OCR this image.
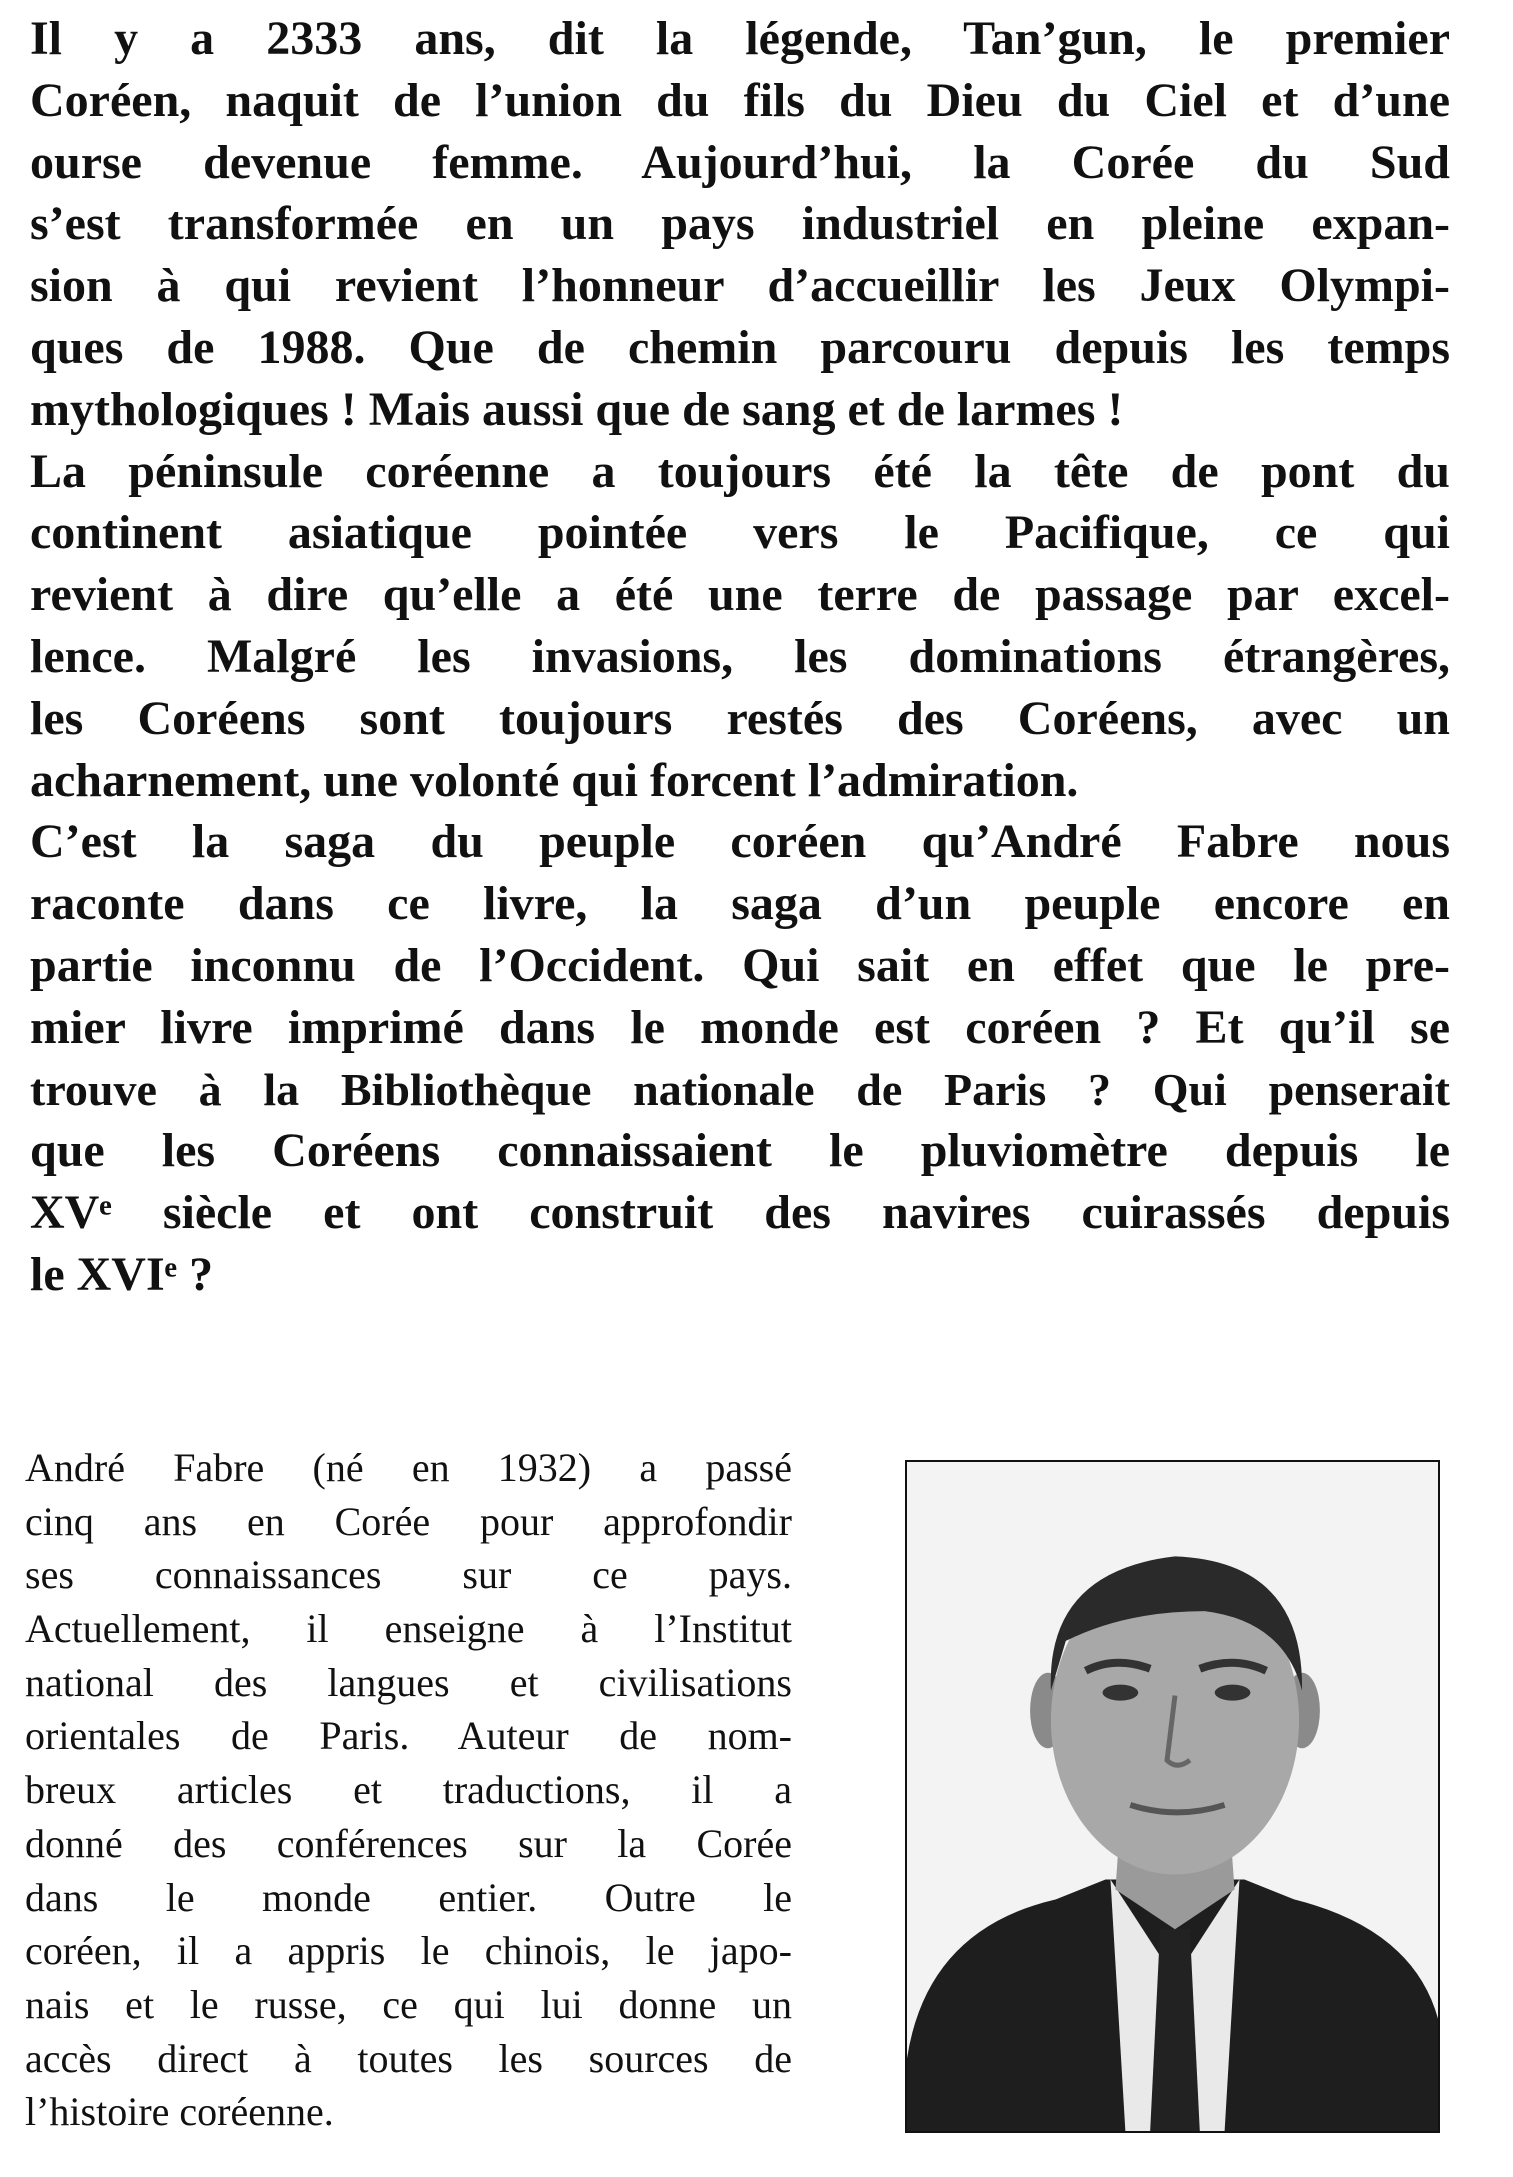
Il y a 2333 ans, dit la légende, Tan’gun, le premier
Coréen, naquit de l’union du fils du Dieu du Ciel et d’une
ourse devenue femme. Aujourd’hui, la Corée du Sud
s’est transformée en un pays industriel en pleine expan-
sion à qui revient l’honneur d’accueillir les Jeux Olympi-
ques de 1988. Que de chemin parcouru depuis les temps
mythologiques ! Mais aussi que de sang et de larmes !
La péninsule coréenne a toujours été la tête de pont du
continent asiatique pointée vers le Pacifique, ce qui
revient à dire qu’elle a été une terre de passage par excel-
lence. Malgré les invasions, les dominations étrangères,
les Coréens sont toujours restés des Coréens, avec un
acharnement, une volonté qui forcent l’admiration.
C’est la saga du peuple coréen qu’André Fabre nous
raconte dans ce livre, la saga d’un peuple encore en
partie inconnu de l’Occident. Qui sait en effet que le pre-
mier livre imprimé dans le monde est coréen ? Et qu’il se
trouve à la Bibliothèque nationale de Paris ? Qui penserait
que les Coréens connaissaient le pluviomètre depuis le
XVᵉ siècle et ont construit des navires cuirassés depuis
le XVIᵉ ?
André Fabre (né en 1932) a passé
cinq ans en Corée pour approfondir
ses connaissances sur ce pays.
Actuellement, il enseigne à l’Institut
national des langues et civilisations
orientales de Paris. Auteur de nom-
breux articles et traductions, il a
donné des conférences sur la Corée
dans le monde entier. Outre le
coréen, il a appris le chinois, le japo-
nais et le russe, ce qui lui donne un
accès direct à toutes les sources de
l’histoire coréenne.
